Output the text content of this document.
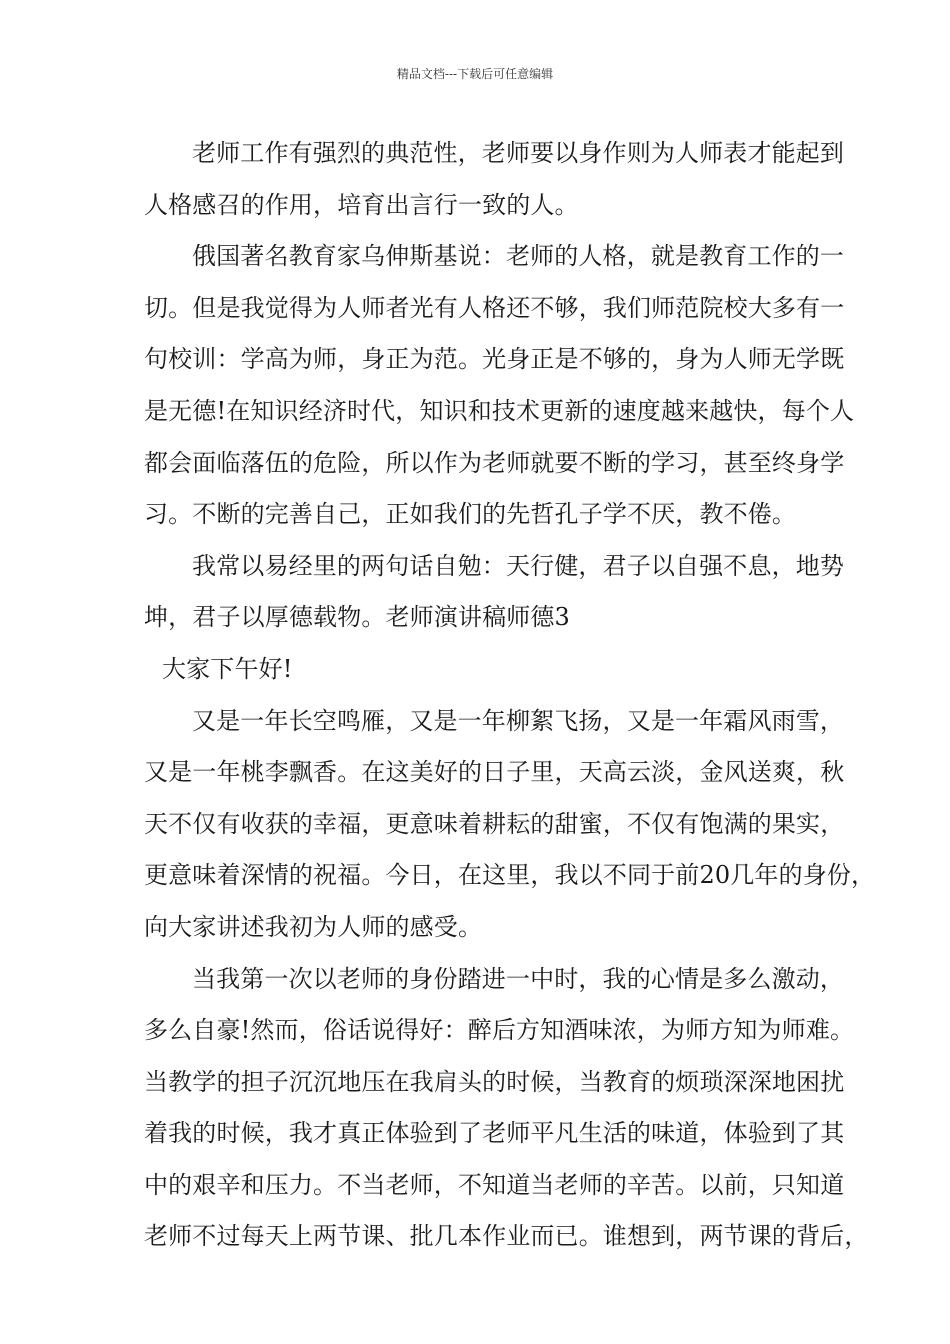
精品文档---下载后可任意编辑
老师工作有强烈的典范性，老师要以身作则为人师表才能起到
人格感召的作用，培育出言行一致的人。
俄国著名教育家乌伸斯基说：老师的人格，就是教育工作的一
切。但是我觉得为人师者光有人格还不够，我们师范院校大多有一
句校训：学高为师，身正为范。光身正是不够的，身为人师无学既
是无德!在知识经济时代，知识和技术更新的速度越来越快，每个人
都会面临落伍的危险，所以作为老师就要不断的学习，甚至终身学
习。不断的完善自己，正如我们的先哲孔子学不厌，教不倦。
我常以易经里的两句话自勉：天行健，君子以自强不息，地势
坤，君子以厚德载物。老师演讲稿师德3
大家下午好!
又是一年长空鸣雁，又是一年柳絮飞扬，又是一年霜风雨雪，
又是一年桃李飘香。在这美好的日子里，天高云淡，金风送爽，秋
天不仅有收获的幸福，更意味着耕耘的甜蜜，不仅有饱满的果实，
更意味着深情的祝福。今日，在这里，我以不同于前20几年的身份，
向大家讲述我初为人师的感受。
当我第一次以老师的身份踏进一中时，我的心情是多么激动，
多么自豪!然而，俗话说得好：醉后方知酒味浓，为师方知为师难。
当教学的担子沉沉地压在我肩头的时候，当教育的烦琐深深地困扰
着我的时候，我才真正体验到了老师平凡生活的味道，体验到了其
中的艰辛和压力。不当老师，不知道当老师的辛苦。以前，只知道
老师不过每天上两节课、批几本作业而已。谁想到，两节课的背后，
